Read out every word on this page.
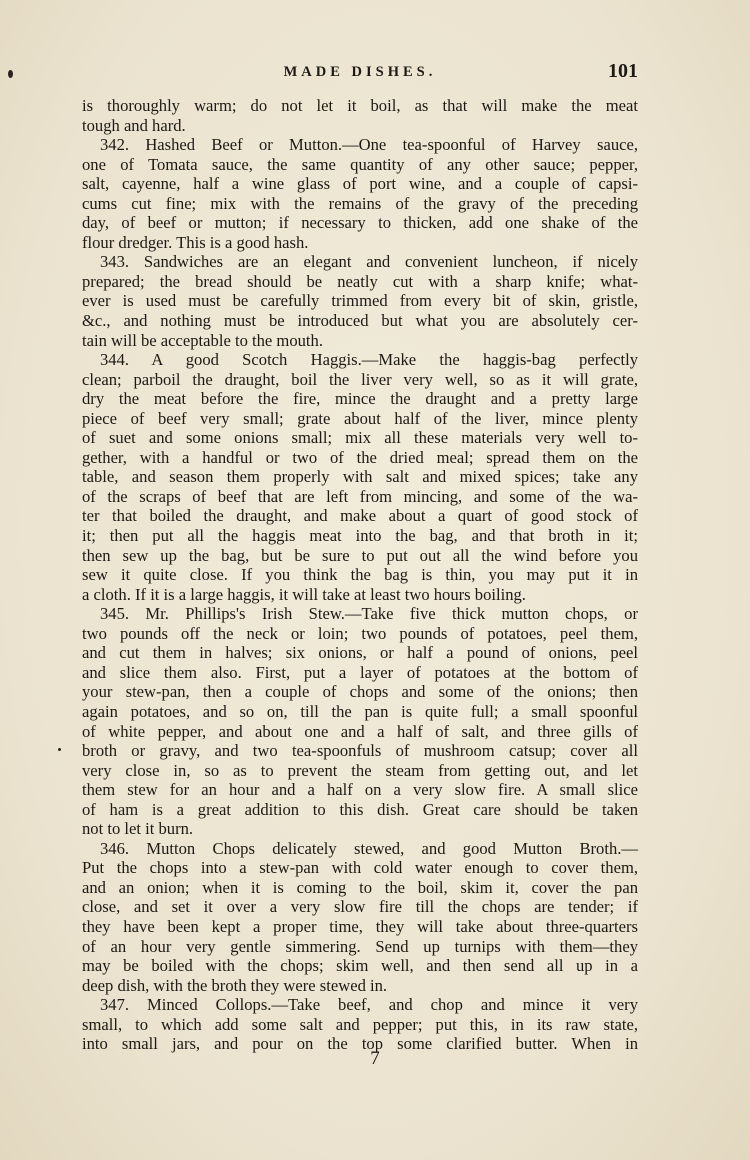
MADE DISHES.	101
is thoroughly warm; do not let it boil, as that will make the meat
tough and hard.
342. Hashed Beef or Mutton.—One tea-spoonful of Harvey sauce,
one of Tomata sauce, the same quantity of any other sauce; pepper,
salt, cayenne, half a wine glass of port wine, and a couple of capsi-
cums cut fine; mix with the remains of the gravy of the preceding
day, of beef or mutton; if necessary to thicken, add one shake of the
flour dredger. This is a good hash.
343. Sandwiches are an elegant and convenient luncheon, if nicely
prepared; the bread should be neatly cut with a sharp knife; what-
ever is used must be carefully trimmed from every bit of skin, gristle,
&c., and nothing must be introduced but what you are absolutely cer-
tain will be acceptable to the mouth.
344. A good Scotch Haggis.—Make the haggis-bag perfectly
clean; parboil the draught, boil the liver very well, so as it will grate,
dry the meat before the fire, mince the draught and a pretty large
piece of beef very small; grate about half of the liver, mince plenty
of suet and some onions small; mix all these materials very well to-
gether, with a handful or two of the dried meal; spread them on the
table, and season them properly with salt and mixed spices; take any
of the scraps of beef that are left from mincing, and some of the wa-
ter that boiled the draught, and make about a quart of good stock of
it; then put all the haggis meat into the bag, and that broth in it;
then sew up the bag, but be sure to put out all the wind before you
sew it quite close. If you think the bag is thin, you may put it in
a cloth. If it is a large haggis, it will take at least two hours boiling.
345. Mr. Phillips's Irish Stew.—Take five thick mutton chops, or
two pounds off the neck or loin; two pounds of potatoes, peel them,
and cut them in halves; six onions, or half a pound of onions, peel
and slice them also. First, put a layer of potatoes at the bottom of
your stew-pan, then a couple of chops and some of the onions; then
again potatoes, and so on, till the pan is quite full; a small spoonful
of white pepper, and about one and a half of salt, and three gills of
broth or gravy, and two tea-spoonfuls of mushroom catsup; cover all
very close in, so as to prevent the steam from getting out, and let
them stew for an hour and a half on a very slow fire. A small slice
of ham is a great addition to this dish. Great care should be taken
not to let it burn.
346. Mutton Chops delicately stewed, and good Mutton Broth.—
Put the chops into a stew-pan with cold water enough to cover them,
and an onion; when it is coming to the boil, skim it, cover the pan
close, and set it over a very slow fire till the chops are tender; if
they have been kept a proper time, they will take about three-quarters
of an hour very gentle simmering. Send up turnips with them—they
may be boiled with the chops; skim well, and then send all up in a
deep dish, with the broth they were stewed in.
347. Minced Collops.—Take beef, and chop and mince it very
small, to which add some salt and pepper; put this, in its raw state,
into small jars, and pour on the top some clarified butter. When in
7
